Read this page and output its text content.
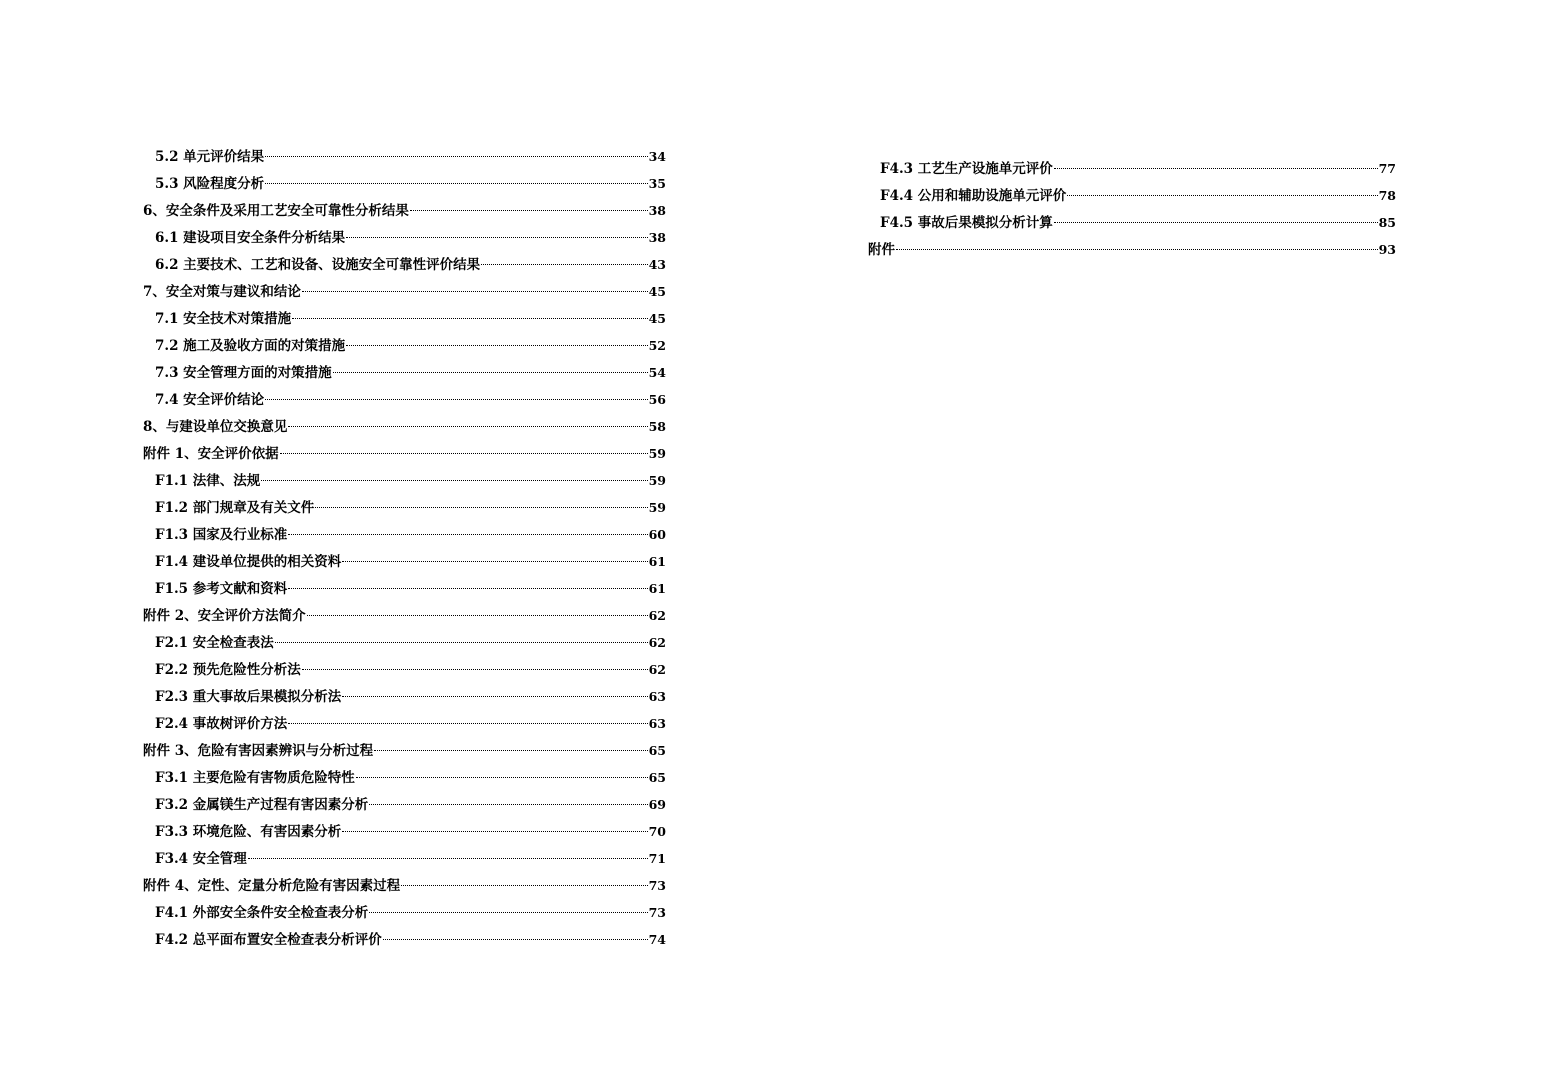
5.2 单元评价结果	34
5.3 风险程度分析	35
6、安全条件及采用工艺安全可靠性分析结果	38
6.1 建设项目安全条件分析结果	38
6.2 主要技术、工艺和设备、设施安全可靠性评价结果	43
7、安全对策与建议和结论	45
7.1 安全技术对策措施	45
7.2 施工及验收方面的对策措施	52
7.3 安全管理方面的对策措施	54
7.4 安全评价结论	56
8、与建设单位交换意见	58
附件 1、安全评价依据	59
F1.1 法律、法规	59
F1.2 部门规章及有关文件	59
F1.3 国家及行业标准	60
F1.4 建设单位提供的相关资料	61
F1.5 参考文献和资料	61
附件 2、安全评价方法简介	62
F2.1 安全检查表法	62
F2.2 预先危险性分析法	62
F2.3 重大事故后果模拟分析法	63
F2.4 事故树评价方法	63
附件 3、危险有害因素辨识与分析过程	65
F3.1 主要危险有害物质危险特性	65
F3.2 金属镁生产过程有害因素分析	69
F3.3 环境危险、有害因素分析	70
F3.4 安全管理	71
附件 4、定性、定量分析危险有害因素过程	73
F4.1 外部安全条件安全检查表分析	73
F4.2 总平面布置安全检查表分析评价	74
F4.3 工艺生产设施单元评价	77
F4.4 公用和辅助设施单元评价	78
F4.5 事故后果模拟分析计算	85
附件	93
